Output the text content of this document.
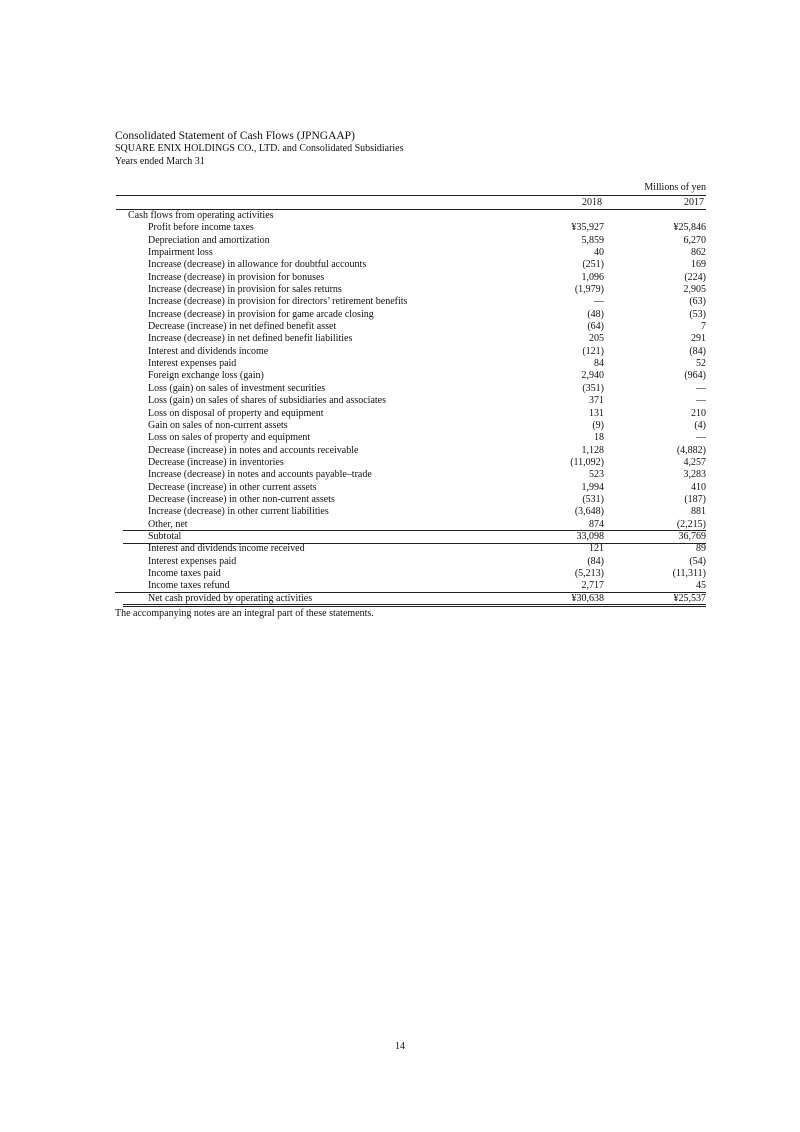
Consolidated Statement of Cash Flows (JPNGAAP)

SQUARE ENIX HOLDINGS CO., LTD. and Consolidated Subsidiaries

Years ended March 31

Millions of yen
2018	2017
Cash flows from operating activities
Profit before income taxes	¥35,927	¥25,846
Depreciation and amortization	5,859	6,270
Impairment loss	40	862
Increase (decrease) in allowance for doubtful accounts	(251)	169
Increase (decrease) in provision for bonuses	1,096	(224)
Increase (decrease) in provision for sales returns	(1,979)	2,905
Increase (decrease) in provision for directors’ retirement benefits	—	(63)
Increase (decrease) in provision for game arcade closing	(48)	(53)
Decrease (increase) in net defined benefit asset	(64)	7
Increase (decrease) in net defined benefit liabilities	205	291
Interest and dividends income	(121)	(84)
Interest expenses paid	84	52
Foreign exchange loss (gain)	2,940	(964)
Loss (gain) on sales of investment securities	(351)	—
Loss (gain) on sales of shares of subsidiaries and associates	371	—
Loss on disposal of property and equipment	131	210
Gain on sales of non-current assets	(9)	(4)
Loss on sales of property and equipment	18	—
Decrease (increase) in notes and accounts receivable	1,128	(4,882)
Decrease (increase) in inventories	(11,092)	4,257
Increase (decrease) in notes and accounts payable–trade	523	3,283
Decrease (increase) in other current assets	1,994	410
Decrease (increase) in other non-current assets	(531)	(187)
Increase (decrease) in other current liabilities	(3,648)	881
Other, net	874	(2,215)
Subtotal	33,098	36,769
Interest and dividends income received	121	89
Interest expenses paid	(84)	(54)
Income taxes paid	(5,213)	(11,311)
Income taxes refund	2,717	45
Net cash provided by operating activities	¥30,638	¥25,537
The accompanying notes are an integral part of these statements.
14
